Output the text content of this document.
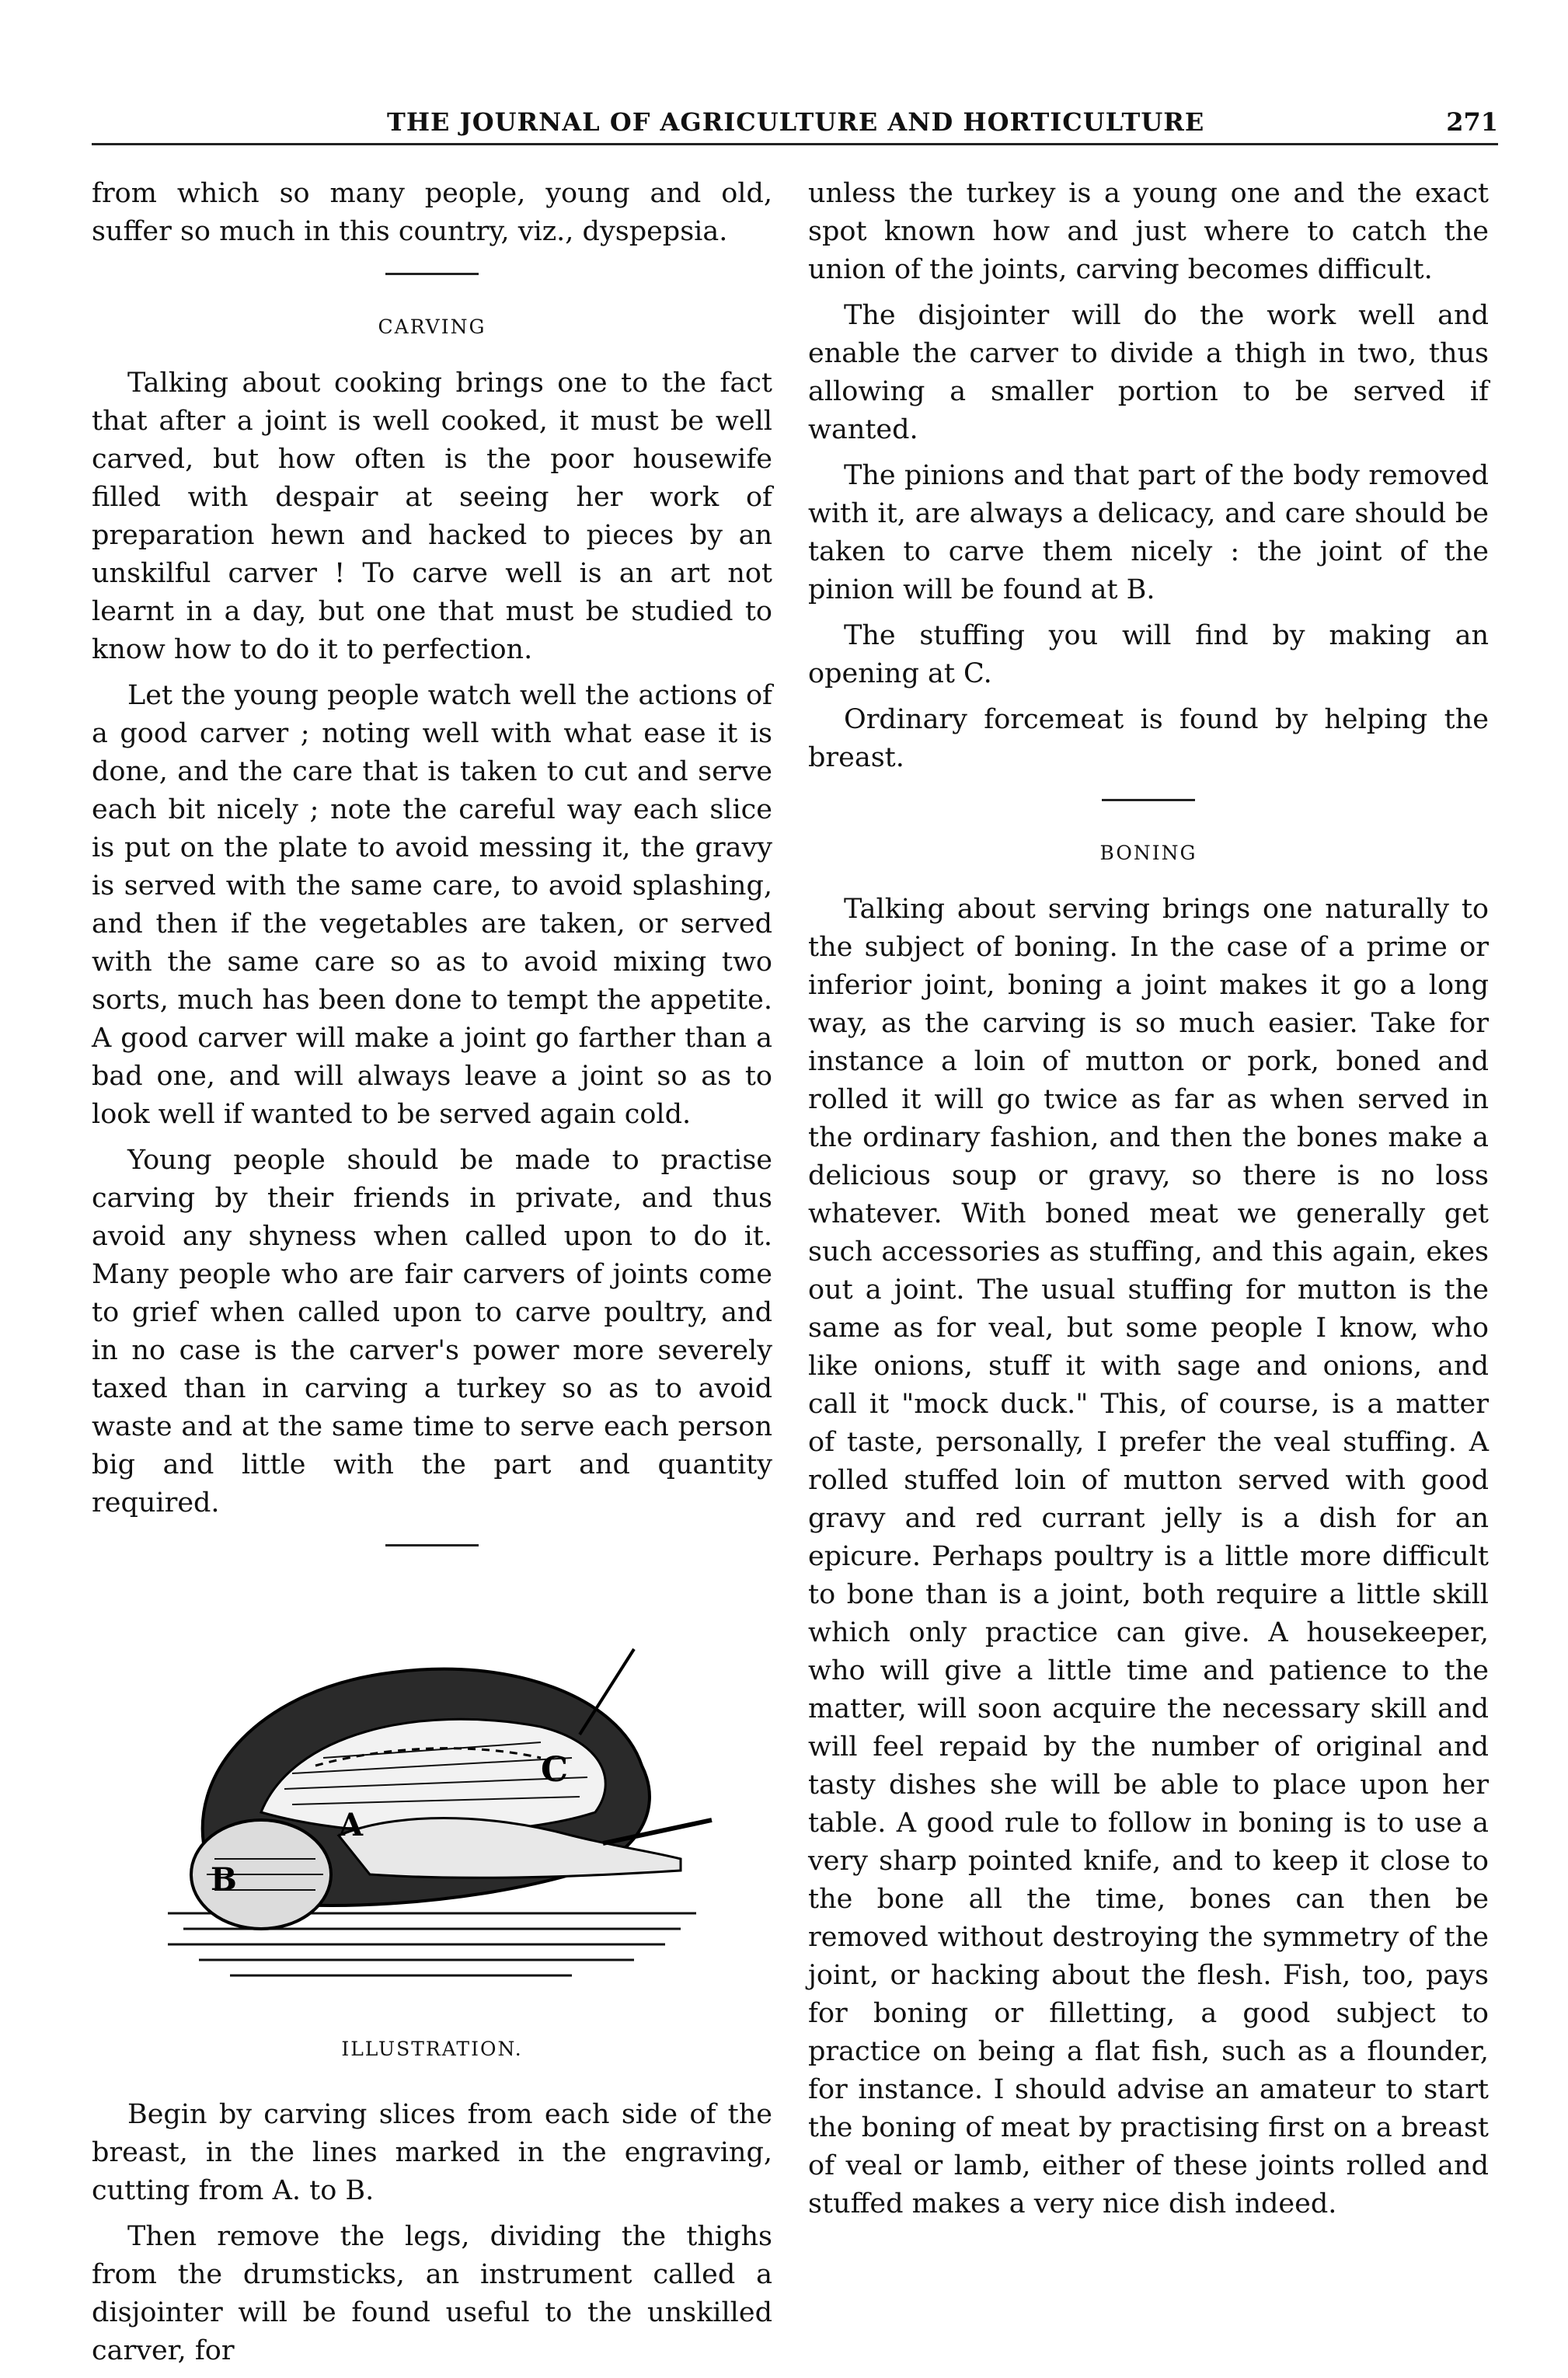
THE JOURNAL OF AGRICULTURE AND HORTICULTURE	271

from which so many people, young and old, suffer so much in this country, viz., dyspepsia.

CARVING

Talking about cooking brings one to the fact that after a joint is well cooked, it must be well carved, but how often is the poor housewife filled with despair at seeing her work of preparation hewn and hacked to pieces by an unskilful carver ! To carve well is an art not learnt in a day, but one that must be studied to know how to do it to perfection.

Let the young people watch well the actions of a good carver ; noting well with what ease it is done, and the care that is taken to cut and serve each bit nicely ; note the careful way each slice is put on the plate to avoid messing it, the gravy is served with the same care, to avoid splashing, and then if the vegetables are taken, or served with the same care so as to avoid mixing two sorts, much has been done to tempt the appetite. A good carver will make a joint go farther than a bad one, and will always leave a joint so as to look well if wanted to be served again cold.

Young people should be made to practise carving by their friends in private, and thus avoid any shyness when called upon to do it. Many people who are fair carvers of joints come to grief when called upon to carve poultry, and in no case is the carver's power more severely taxed than in carving a turkey so as to avoid waste and at the same time to serve each person big and little with the part and quantity required.

A
B
C
ILLUSTRATION.

Begin by carving slices from each side of the breast, in the lines marked in the engraving, cutting from A. to B.

Then remove the legs, dividing the thighs from the drumsticks, an instrument called a disjointer will be found useful to the unskilled carver, for

unless the turkey is a young one and the exact spot known how and just where to catch the union of the joints, carving becomes difficult.

The disjointer will do the work well and enable the carver to divide a thigh in two, thus allowing a smaller portion to be served if wanted.

The pinions and that part of the body removed with it, are always a delicacy, and care should be taken to carve them nicely : the joint of the pinion will be found at B.

The stuffing you will find by making an opening at C.

Ordinary forcemeat is found by helping the breast.

BONING

Talking about serving brings one naturally to the subject of boning. In the case of a prime or inferior joint, boning a joint makes it go a long way, as the carving is so much easier. Take for instance a loin of mutton or pork, boned and rolled it will go twice as far as when served in the ordinary fashion, and then the bones make a delicious soup or gravy, so there is no loss whatever. With boned meat we generally get such accessories as stuffing, and this again, ekes out a joint. The usual stuffing for mutton is the same as for veal, but some people I know, who like onions, stuff it with sage and onions, and call it "mock duck." This, of course, is a matter of taste, personally, I prefer the veal stuffing. A rolled stuffed loin of mutton served with good gravy and red currant jelly is a dish for an epicure. Perhaps poultry is a little more difficult to bone than is a joint, both require a little skill which only practice can give. A housekeeper, who will give a little time and patience to the matter, will soon acquire the necessary skill and will feel repaid by the number of original and tasty dishes she will be able to place upon her table. A good rule to follow in boning is to use a very sharp pointed knife, and to keep it close to the bone all the time, bones can then be removed without destroying the symmetry of the joint, or hacking about the flesh. Fish, too, pays for boning or filletting, a good subject to practice on being a flat fish, such as a flounder, for instance. I should advise an amateur to start the boning of meat by practising first on a breast of veal or lamb, either of these joints rolled and stuffed makes a very nice dish indeed.
